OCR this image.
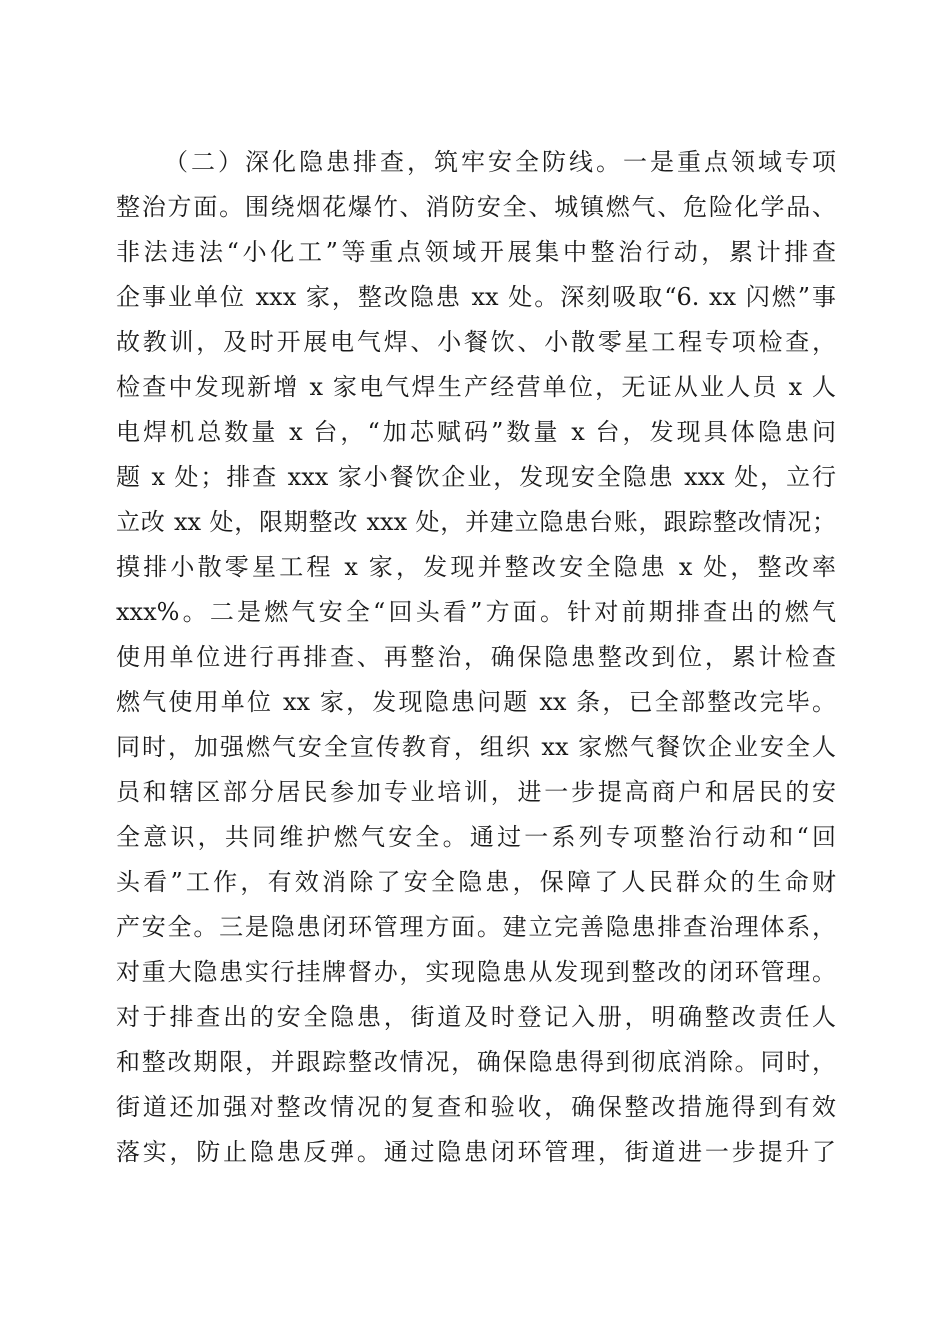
（二）深化隐患排查，筑牢安全防线。一是重点领域专项
整治方面。围绕烟花爆竹、消防安全、城镇燃气、危险化学品、
非法违法“小化工”等重点领域开展集中整治行动，累计排查
企事业单位 xxx 家，整改隐患 xx 处。深刻吸取“6. xx 闪燃”事
故教训，及时开展电气焊、小餐饮、小散零星工程专项检查，
检查中发现新增 x 家电气焊生产经营单位，无证从业人员 x 人
电焊机总数量 x 台，“加芯赋码”数量 x 台，发现具体隐患问
题 x 处；排查 xxx 家小餐饮企业，发现安全隐患 xxx 处，立行
立改 xx 处，限期整改 xxx 处，并建立隐患台账，跟踪整改情况；
摸排小散零星工程 x 家，发现并整改安全隐患 x 处，整改率
xxx%。二是燃气安全“回头看”方面。针对前期排查出的燃气
使用单位进行再排查、再整治，确保隐患整改到位，累计检查
燃气使用单位 xx 家，发现隐患问题 xx 条，已全部整改完毕。
同时，加强燃气安全宣传教育，组织 xx 家燃气餐饮企业安全人
员和辖区部分居民参加专业培训，进一步提高商户和居民的安
全意识，共同维护燃气安全。通过一系列专项整治行动和“回
头看”工作，有效消除了安全隐患，保障了人民群众的生命财
产安全。三是隐患闭环管理方面。建立完善隐患排查治理体系，
对重大隐患实行挂牌督办，实现隐患从发现到整改的闭环管理。
对于排查出的安全隐患，街道及时登记入册，明确整改责任人
和整改期限，并跟踪整改情况，确保隐患得到彻底消除。同时，
街道还加强对整改情况的复查和验收，确保整改措施得到有效
落实，防止隐患反弹。通过隐患闭环管理，街道进一步提升了
